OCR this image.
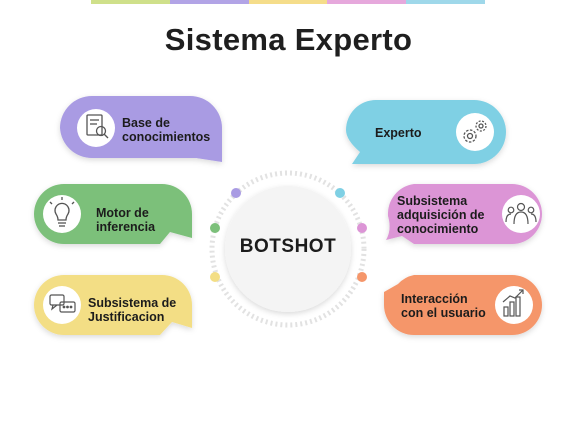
Sistema Experto
BOTSHOT
Base de
conocimientos
Motor de
inferencia
Subsistema de
Justificacion
Experto
Subsistema
adquisición de
conocimiento
Interacción
con el usuario
